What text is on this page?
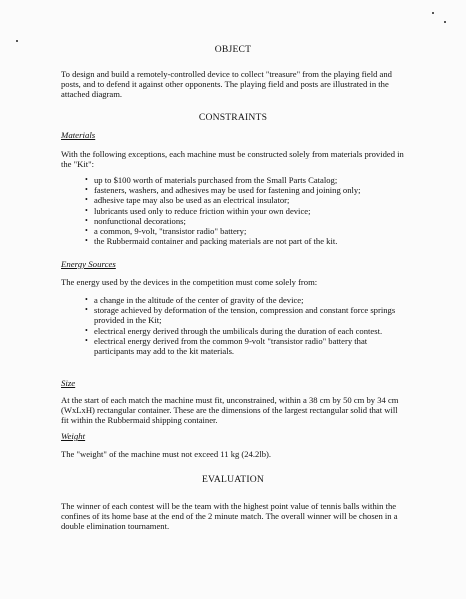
OBJECT
To design and build a remotely-controlled device to collect "treasure" from the playing field and posts, and to defend it against other opponents. The playing field and posts are illustrated in the attached diagram.
CONSTRAINTS
Materials
With the following exceptions, each machine must be constructed solely from materials provided in the "Kit":
• up to $100 worth of materials purchased from the Small Parts Catalog;
• fasteners, washers, and adhesives may be used for fastening and joining only;
• adhesive tape may also be used as an electrical insulator;
• lubricants used only to reduce friction within your own device;
• nonfunctional decorations;
• a common, 9-volt, "transistor radio" battery;
• the Rubbermaid container and packing materials are not part of the kit.
Energy Sources
The energy used by the devices in the competition must come solely from:
• a change in the altitude of the center of gravity of the device;
• storage achieved by deformation of the tension, compression and constant force springs provided in the Kit;
• electrical energy derived through the umbilicals during the duration of each contest.
• electrical energy derived from the common 9-volt "transistor radio" battery that participants may add to the kit materials.
Size
At the start of each match the machine must fit, unconstrained, within a 38 cm by 50 cm by 34 cm (WxLxH) rectangular container. These are the dimensions of the largest rectangular solid that will fit within the Rubbermaid shipping container.
Weight
The "weight" of the machine must not exceed 11 kg (24.2lb).
EVALUATION
The winner of each contest will be the team with the highest point value of tennis balls within the confines of its home base at the end of the 2 minute match. The overall winner will be chosen in a double elimination tournament.
